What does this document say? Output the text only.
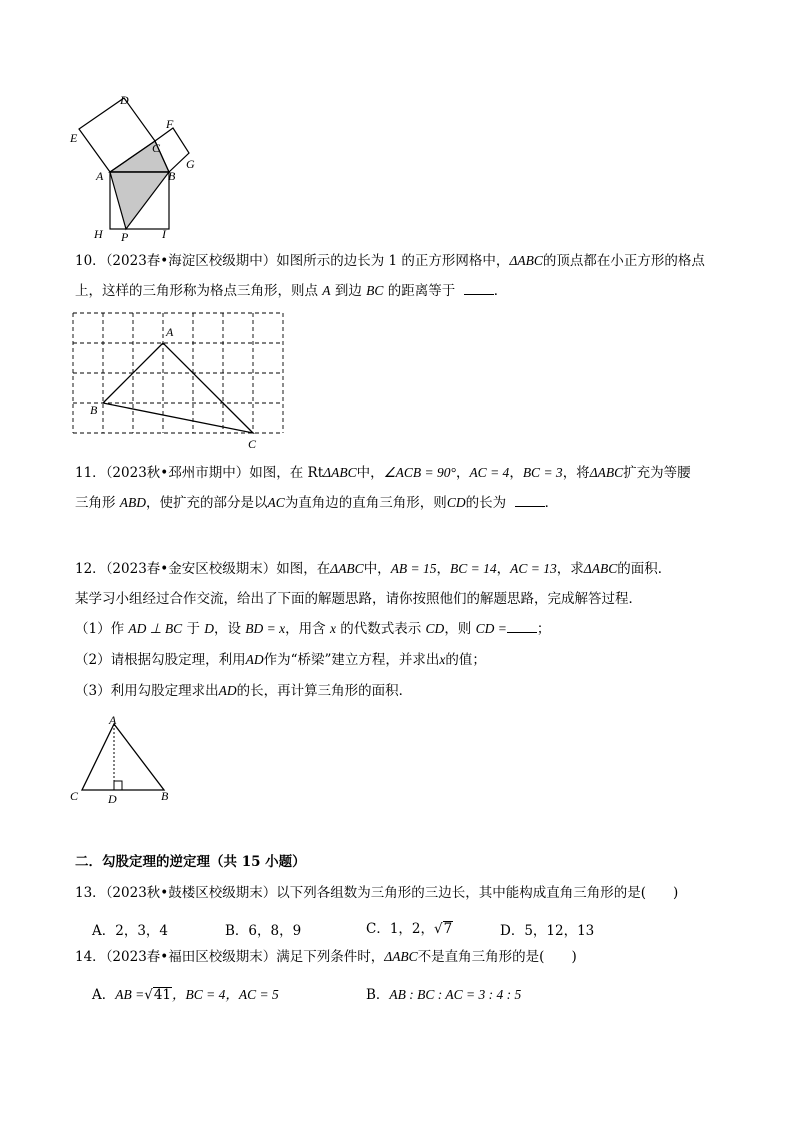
D
E
F
C
G
A	B
H P	I
10．（2023春•海淀区校级期中）如图所示的边长为 1 的正方形网格中，ΔABC的顶点都在小正方形的格点
上，这样的三角形称为格点三角形，则点 A 到边 BC 的距离等于	．
A
B
C
11．（2023秋•邳州市期中）如图，在 RtΔABC中，∠ACB = 90°，AC = 4，BC = 3，将ΔABC扩充为等腰
三角形 ABD，使扩充的部分是以AC为直角边的直角三角形，则CD的长为	．
12．（2023春•金安区校级期末）如图，在ΔABC中，AB = 15，BC = 14，AC = 13，求ΔABC的面积．
某学习小组经过合作交流，给出了下面的解题思路，请你按照他们的解题思路，完成解答过程．
（1）作 AD ⊥ BC 于 D，设 BD = x，用含 x 的代数式表示 CD，则 CD = ；
（2）请根据勾股定理，利用AD作为“桥梁”建立方程，并求出x的值；
（3）利用勾股定理求出AD的长，再计算三角形的面积．
A
C D	B
二．勾股定理的逆定理（共 15 小题）
13．（2023秋•鼓楼区校级期末）以下列各组数为三角形的三边长，其中能构成直角三角形的是(　　)
A．2，3，4	B．6，8，9	C．1，2，√7	D．5，12，13
14．（2023春•福田区校级期末）满足下列条件时，ΔABC不是直角三角形的是(　　)
A．AB =√41，BC = 4，AC = 5	B．AB : BC : AC = 3 : 4 : 5
